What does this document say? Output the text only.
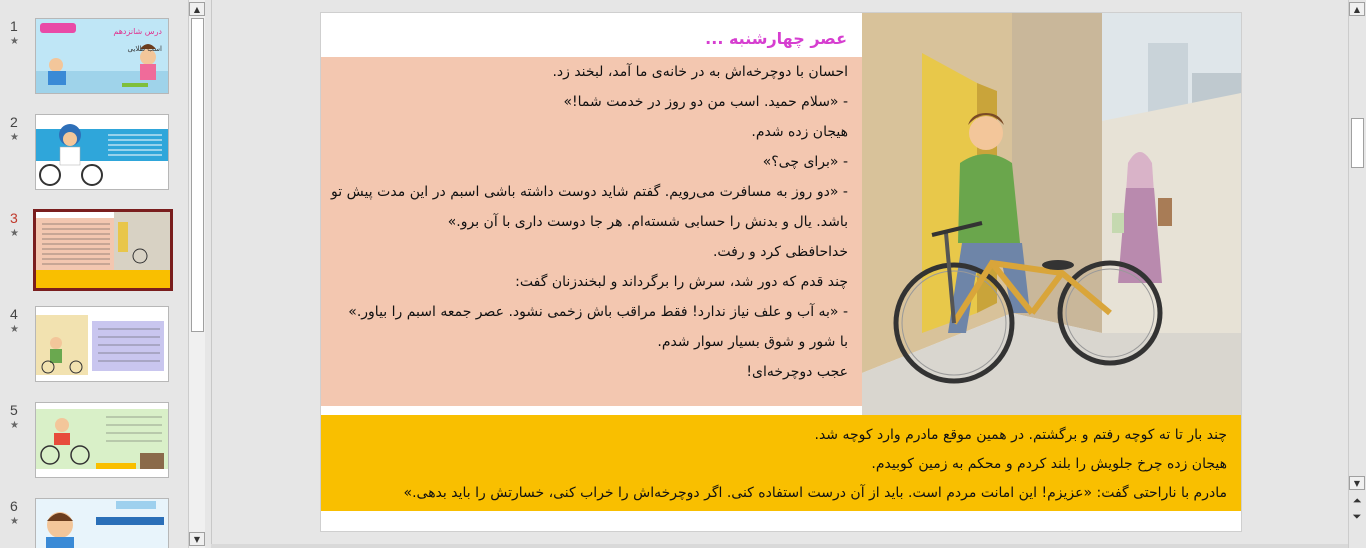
1
★
درس شانزدهم
اسب طلایی
2
★
3
★
4
★
5
★
6
★
▲
▼
عصر چهارشنبه ...

احسان با دوچرخه‌اش به در خانه‌ی ما آمد، لبخند زد.

- «سلام حمید. اسب من دو روز در خدمت شما!»

هیجان زده شدم.

- «برای چی؟»

- «دو روز به مسافرت می‌رویم. گفتم شاید دوست داشته باشی اسبم در این مدت پیش تو باشد. یال و بدنش را حسابی شسته‌ام. هر جا دوست داری با آن برو.»

خداحافظی کرد و رفت.

چند قدم که دور شد، سرش را برگرداند و لبخندزنان گفت:

- «به آب و علف نیاز ندارد! فقط مراقب باش زخمی نشود. عصر جمعه اسبم را بیاور.»

با شور و شوق بسیار سوار شدم.

عجب دوچرخه‌ای!

چند بار تا ته کوچه رفتم و برگشتم. در همین موقع مادرم وارد کوچه شد.

هیجان زده چرخ جلویش را بلند کردم و محکم به زمین کوبیدم.

مادرم با ناراحتی گفت: «عزیزم! این امانت مردم است. باید از آن درست استفاده کنی. اگر دوچرخه‌اش را خراب کنی، خسارتش را باید بدهی.»

▲
▼
⏶
⏷
